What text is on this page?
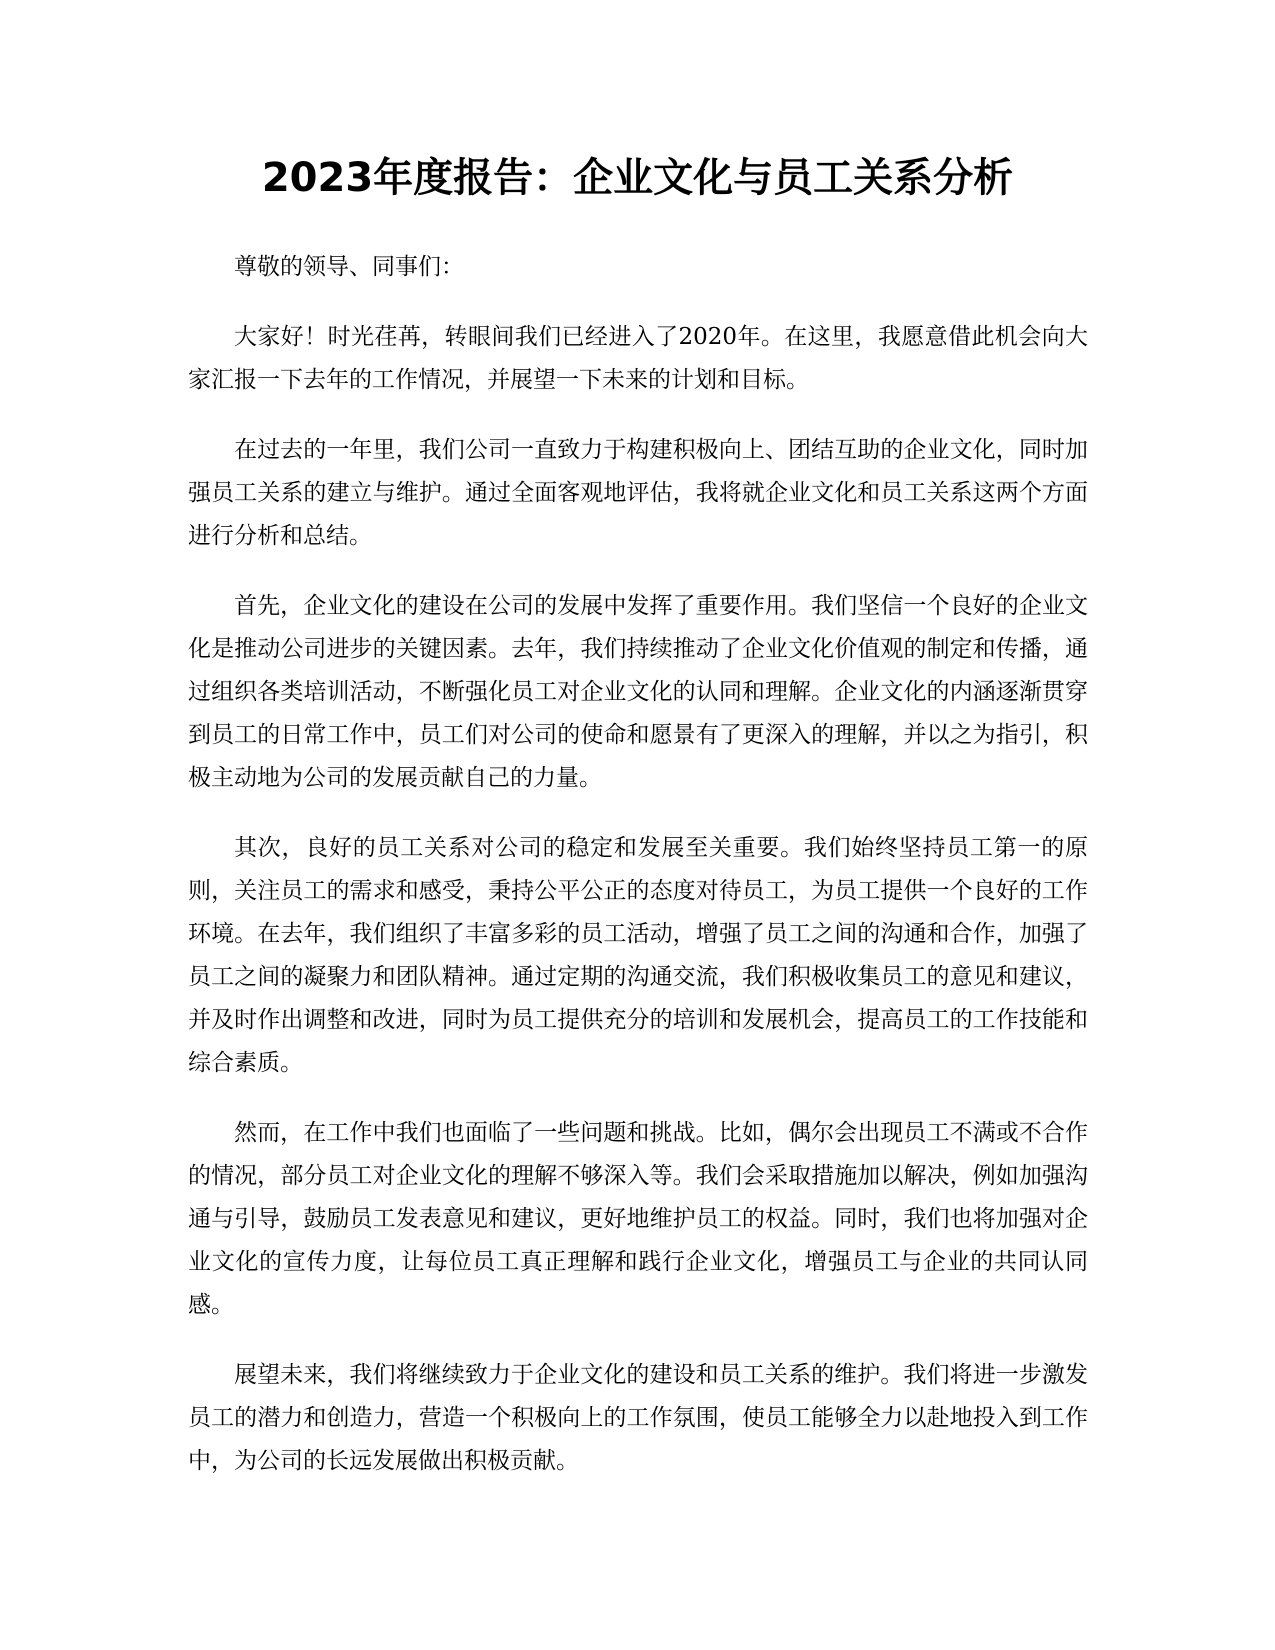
2023年度报告：企业文化与员工关系分析

尊敬的领导、同事们：

大家好！时光荏苒，转眼间我们已经进入了2020年。在这里，我愿意借此机会向大家汇报一下去年的工作情况，并展望一下未来的计划和目标。

在过去的一年里，我们公司一直致力于构建积极向上、团结互助的企业文化，同时加强员工关系的建立与维护。通过全面客观地评估，我将就企业文化和员工关系这两个方面进行分析和总结。

首先，企业文化的建设在公司的发展中发挥了重要作用。我们坚信一个良好的企业文化是推动公司进步的关键因素。去年，我们持续推动了企业文化价值观的制定和传播，通过组织各类培训活动，不断强化员工对企业文化的认同和理解。企业文化的内涵逐渐贯穿到员工的日常工作中，员工们对公司的使命和愿景有了更深入的理解，并以之为指引，积极主动地为公司的发展贡献自己的力量。

其次，良好的员工关系对公司的稳定和发展至关重要。我们始终坚持员工第一的原则，关注员工的需求和感受，秉持公平公正的态度对待员工，为员工提供一个良好的工作环境。在去年，我们组织了丰富多彩的员工活动，增强了员工之间的沟通和合作，加强了员工之间的凝聚力和团队精神。通过定期的沟通交流，我们积极收集员工的意见和建议，并及时作出调整和改进，同时为员工提供充分的培训和发展机会，提高员工的工作技能和综合素质。

然而，在工作中我们也面临了一些问题和挑战。比如，偶尔会出现员工不满或不合作的情况，部分员工对企业文化的理解不够深入等。我们会采取措施加以解决，例如加强沟通与引导，鼓励员工发表意见和建议，更好地维护员工的权益。同时，我们也将加强对企业文化的宣传力度，让每位员工真正理解和践行企业文化，增强员工与企业的共同认同感。

展望未来，我们将继续致力于企业文化的建设和员工关系的维护。我们将进一步激发员工的潜力和创造力，营造一个积极向上的工作氛围，使员工能够全力以赴地投入到工作中，为公司的长远发展做出积极贡献。
